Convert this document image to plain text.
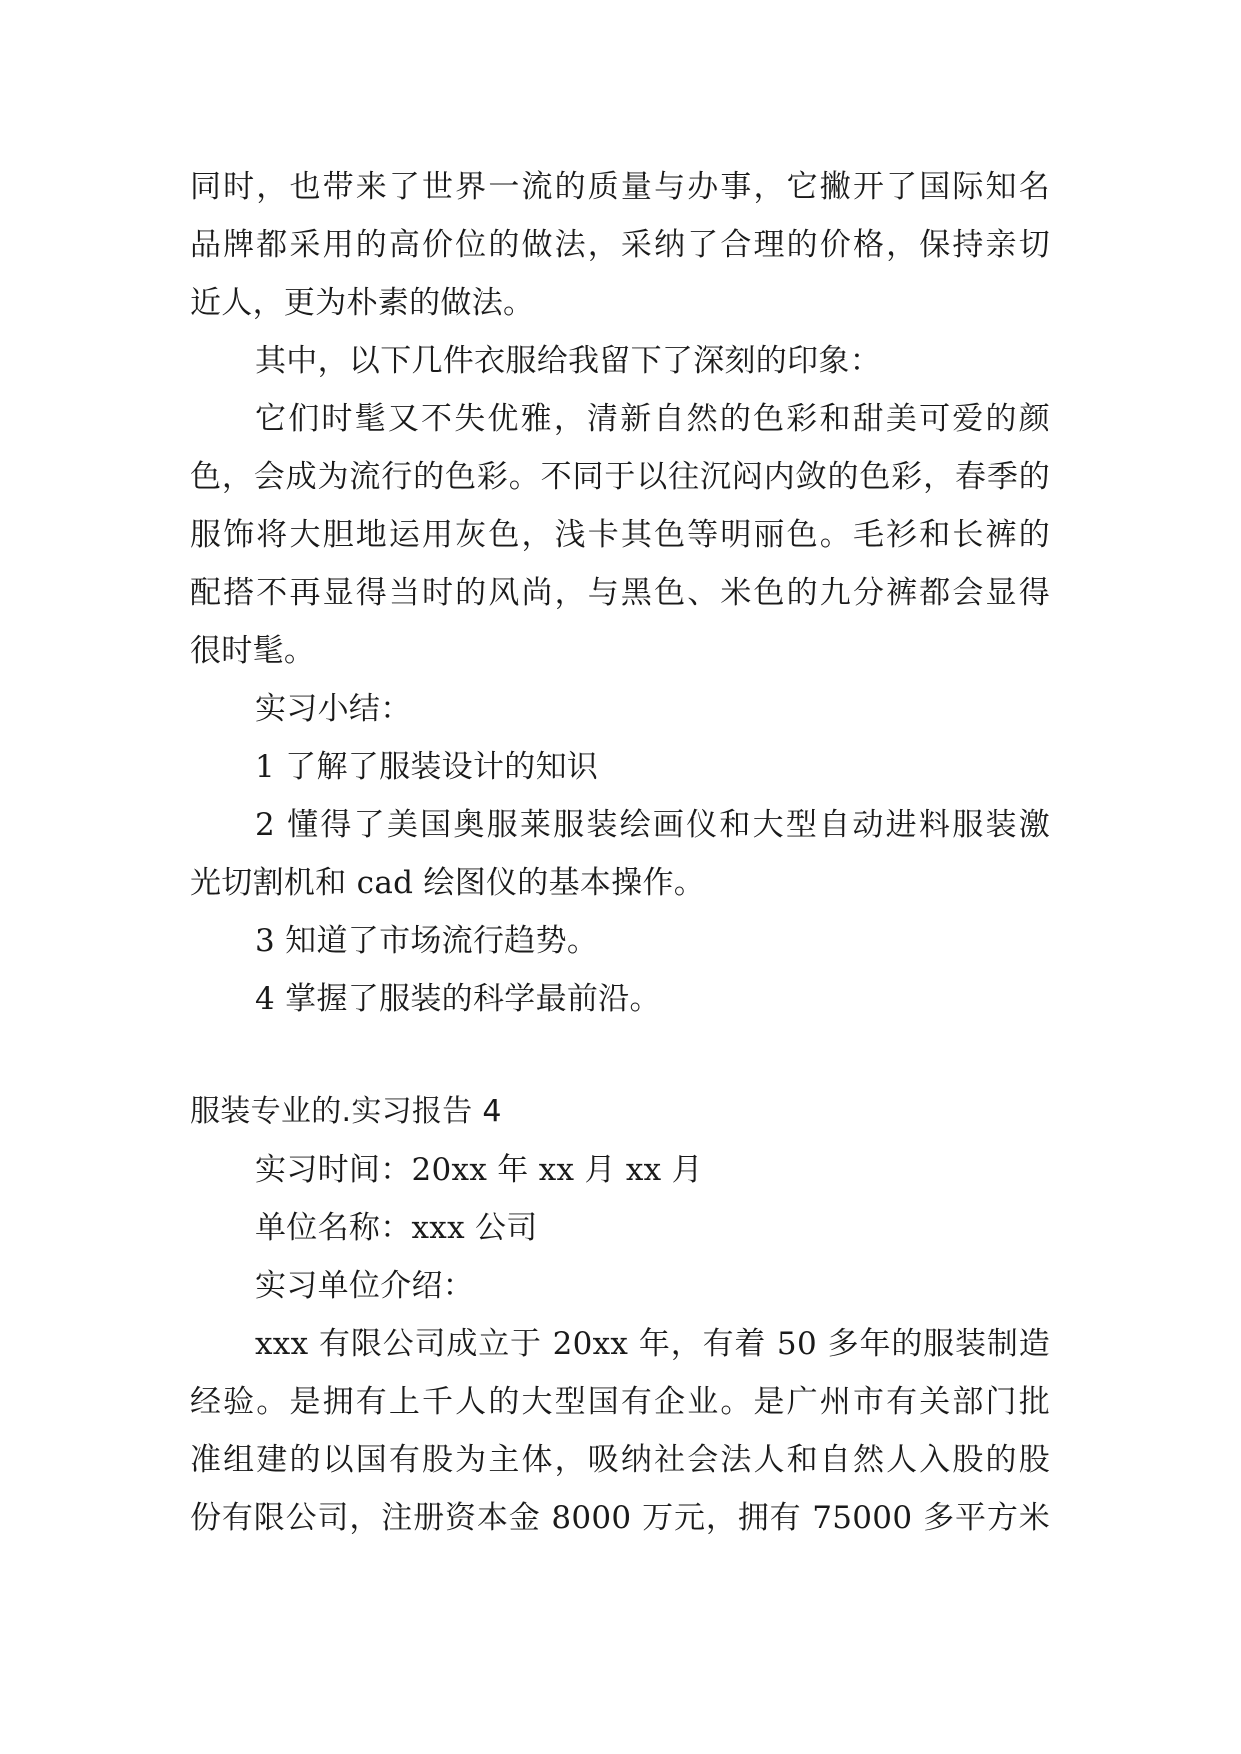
同时，也带来了世界一流的质量与办事，它撇开了国际知名
品牌都采用的高价位的做法，采纳了合理的价格，保持亲切
近人，更为朴素的做法。
其中，以下几件衣服给我留下了深刻的印象：
它们时髦又不失优雅，清新自然的色彩和甜美可爱的颜
色，会成为流行的色彩。不同于以往沉闷内敛的色彩，春季的
服饰将大胆地运用灰色，浅卡其色等明丽色。毛衫和长裤的
配搭不再显得当时的风尚，与黑色、米色的九分裤都会显得
很时髦。
实习小结：
1 了解了服装设计的知识
2 懂得了美国奥服莱服装绘画仪和大型自动进料服装激
光切割机和 cad 绘图仪的基本操作。
3 知道了市场流行趋势。
4 掌握了服装的科学最前沿。
服装专业的.实习报告 4
实习时间：20xx 年 xx 月 xx 月
单位名称：xxx 公司
实习单位介绍：
xxx 有限公司成立于 20xx 年，有着 50 多年的服装制造
经验。是拥有上千人的大型国有企业。是广州市有关部门批
准组建的以国有股为主体，吸纳社会法人和自然人入股的股
份有限公司，注册资本金 8000 万元，拥有 75000 多平方米
